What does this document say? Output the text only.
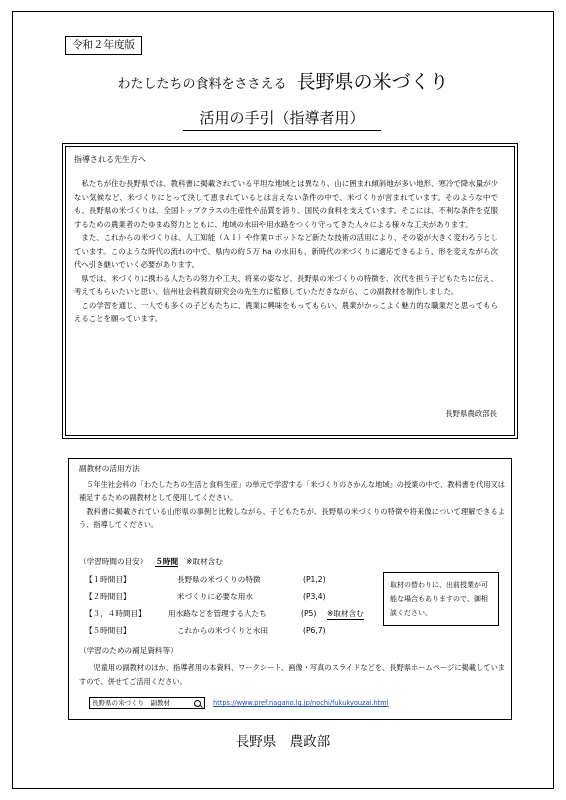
令和２年度版
わたしたちの食料をささえる 長野県の米づくり
活用の手引（指導者用）
指導される先生方へ

私たちが住む長野県では、教科書に掲載されている平坦な地域とは異なり、山に囲まれ傾斜地が多い地形、寒冷で降水量が少ない気候など、米づくりにとって決して恵まれているとは言えない条件の中で、米づくりが営まれています。そのような中でも、長野県の米づくりは、全国トップクラスの生産性や品質を誇り、国民の食料を支えています。そこには、不利な条件を克服するための農業者のたゆまぬ努力とともに、地域の水田や用水路をつくり守ってきた人々による様々な工夫があります。

また、これからの米づくりは、人工知能（ＡＩ）や作業ロボットなど新たな技術の活用により、その姿が大きく変わろうとしています。このような時代の流れの中で、県内の約５万 ha の水田も、新時代の米づくりに適応できるよう、形を変えながら次代へ引き継いでいく必要があります。

県では、米づくりに携わる人たちの努力や工夫、将来の姿など、長野県の米づくりの特徴を、次代を担う子どもたちに伝え、考えてもらいたいと思い、信州社会科教育研究会の先生方に監修していただきながら、この副教材を制作しました。

この学習を通じ、一人でも多くの子どもたちに、農業に興味をもってもらい、農業がかっこよく魅力的な職業だと思ってもらえることを願っています。

長野県農政部長
副教材の活用方法

５年生社会科の「わたしたちの生活と食料生産」の単元で学習する「米づくりのさかんな地域」の授業の中で、教科書を代用又は補足するための副教材として使用してください。

教科書に掲載されている山形県の事例と比較しながら、子どもたちが、長野県の米づくりの特徴や将来像について理解できるよう、指導してください。

（学習時間の目安） ５時間 ※取材含む
【１時間目】	長野県の米づくりの特徴	(P1,2)
【２時間目】	米づくりに必要な用水	(P3,4)
【３，４時間目】	用水路などを管理する人たち	(P5) ※取材含む
【５時間目】	これからの米づくりと水田	(P6,7)
取材の替わりに、出前授業が可能な場合もありますので、御相談ください。
（学習のための補足資料等）

児童用の副教材のほか、指導者用の本資料、ワークシート、画像・写真のスライドなどを、長野県ホームページに掲載していますので、併せてご活用ください。

長野県の米づくり　副教材	https://www.pref.nagano.lg.jp/nochi/fukukyouzai.html
長野県　農政部
